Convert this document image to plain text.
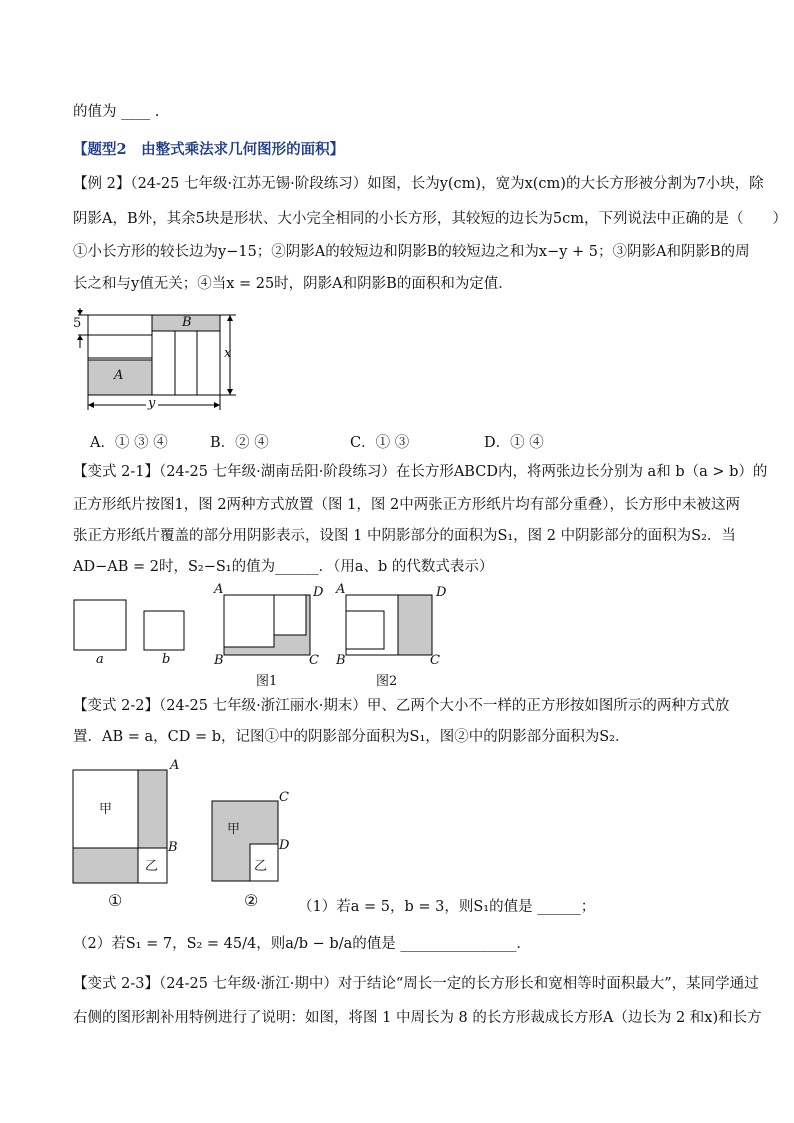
的值为 ____ .
【题型2　由整式乘法求几何图形的面积】
【例 2】（24-25 七年级·江苏无锡·阶段练习）如图，长为y(cm)，宽为x(cm)的大长方形被分割为7小块，除
阴影A，B外，其余5块是形状、大小完全相同的小长方形，其较短的边长为5cm，下列说法中正确的是（　　）
①小长方形的较长边为y−15；②阴影A的较短边和阴影B的较短边之和为x−y + 5；③阴影A和阴影B的周
长之和与y值无关；④当x = 25时，阴影A和阴影B的面积和为定值．
5	B
A
x
y
A．① ③ ④	B．② ④	C．① ③	D．① ④
【变式 2-1】（24-25 七年级·湖南岳阳·阶段练习）在长方形ABCD内，将两张边长分别为 a和 b（a > b）的
正方形纸片按图1，图 2两种方式放置（图 1，图 2中两张正方形纸片均有部分重叠），长方形中未被这两
张正方形纸片覆盖的部分用阴影表示，设图 1 中阴影部分的面积为S₁，图 2 中阴影部分的面积为S₂．当
AD−AB = 2时，S₂−S₁的值为______．（用a、b 的代数式表示）
a	b
A	D
B	C
图1
A	D
B	C
图2
【变式 2-2】（24-25 七年级·浙江丽水·期末）甲、乙两个大小不一样的正方形按如图所示的两种方式放
置．AB = a，CD = b，记图①中的阴影部分面积为S₁，图②中的阴影部分面积为S₂．
甲
乙
A
B
甲
乙
C
D
①	②	（1）若a = 5，b = 3，则S₁的值是 ______；
（2）若S₁ = 7，S₂ = 45/4，则a/b − b/a的值是 ________________．
【变式 2-3】（24-25 七年级·浙江·期中）对于结论“周长一定的长方形长和宽相等时面积最大”，某同学通过
右侧的图形割补用特例进行了说明：如图，将图 1 中周长为 8 的长方形裁成长方形A（边长为 2 和x)和长方
